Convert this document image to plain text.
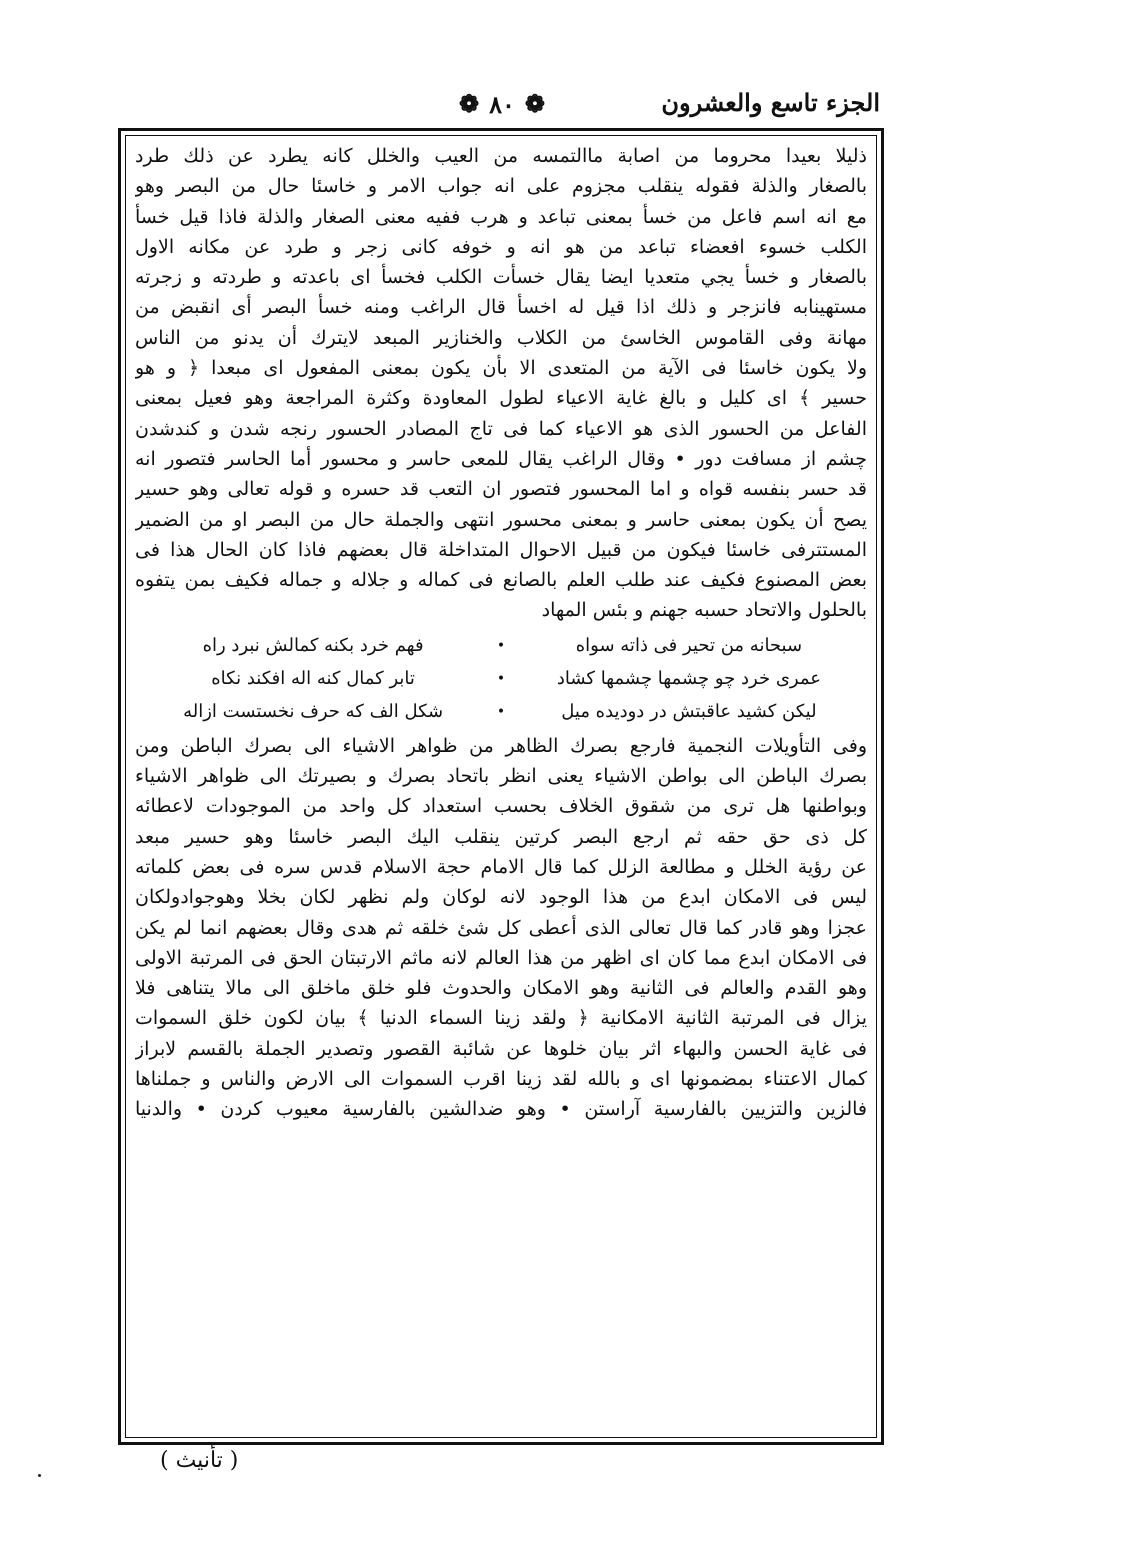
الجزء تاسع والعشرون
❁ ٨٠ ❁
ذليلا بعيدا محروما من اصابة ماالتمسه من العيب والخلل كانه يطرد عن ذلك طرد
بالصغار والذلة فقوله ينقلب مجزوم على انه جواب الامر و خاسئا حال من البصر وهو
مع انه اسم فاعل من خسأ بمعنى تباعد و هرب ففيه معنى الصغار والذلة فاذا قيل خسأ
الكلب خسوء افعضاء تباعد من هو انه و خوفه كانى زجر و طرد عن مكانه الاول
بالصغار و خسأ يجي متعديا ايضا يقال خسأت الكلب فخسأ اى باعدته و طردته و زجرته
مستهينابه فانزجر و ذلك اذا قيل له اخسأ قال الراغب ومنه خسأ البصر أى انقبض من
مهانة وفى القاموس الخاسئ من الكلاب والخنازير المبعد لايترك أن يدنو من الناس
ولا يكون خاسئا فى الآية من المتعدى الا بأن يكون بمعنى المفعول اى مبعدا ﴿ و هو
حسير ﴾ اى كليل و بالغ غاية الاعياء لطول المعاودة وكثرة المراجعة وهو فعيل بمعنى
الفاعل من الحسور الذى هو الاعياء كما فى تاج المصادر الحسور رنجه شدن و كندشدن
چشم از مسافت دور • وقال الراغب يقال للمعى حاسر و محسور أما الحاسر فتصور انه
قد حسر بنفسه قواه و اما المحسور فتصور ان التعب قد حسره و قوله تعالى وهو حسير
يصح أن يكون بمعنى حاسر و بمعنى محسور انتهى والجملة حال من البصر او من الضمير
المستترفى خاسئا فيكون من قبيل الاحوال المتداخلة قال بعضهم فاذا كان الحال هذا فى
بعض المصنوع فكيف عند طلب العلم بالصانع فى كماله و جلاله و جماله فكيف بمن يتفوه
بالحلول والاتحاد حسبه جهنم و بئس المهاد
سبحانه من تحير فى ذاته سواه
•
فهم خرد بكنه كمالش نبرد راه
عمرى خرد چو چشمها چشمها كشاد
•
تابر كمال كنه اله افكند نكاه
ليكن كشيد عاقبتش در دوديده ميل
•
شكل الف كه حرف نخستست ازاله
وفى التأويلات النجمية فارجع بصرك الظاهر من ظواهر الاشياء الى بصرك الباطن ومن
بصرك الباطن الى بواطن الاشياء يعنى انظر باتحاد بصرك و بصيرتك الى ظواهر الاشياء
وبواطنها هل ترى من شقوق الخلاف بحسب استعداد كل واحد من الموجودات لاعطائه
كل ذى حق حقه ثم ارجع البصر كرتين ينقلب اليك البصر خاسئا وهو حسير مبعد
عن رؤية الخلل و مطالعة الزلل كما قال الامام حجة الاسلام قدس سره فى بعض كلماته
ليس فى الامكان ابدع من هذا الوجود لانه لوكان ولم نظهر لكان بخلا وهوجوادولكان
عجزا وهو قادر كما قال تعالى الذى أعطى كل شئ خلقه ثم هدى وقال بعضهم انما لم يكن
فى الامكان ابدع مما كان اى اظهر من هذا العالم لانه ماثم الارتبتان الحق فى المرتبة الاولى
وهو القدم والعالم فى الثانية وهو الامكان والحدوث فلو خلق ماخلق الى مالا يتناهى فلا
يزال فى المرتبة الثانية الامكانية ﴿ ولقد زينا السماء الدنيا ﴾ بيان لكون خلق السموات
فى غاية الحسن والبهاء اثر بيان خلوها عن شائبة القصور وتصدير الجملة بالقسم لابراز
كمال الاعتناء بمضمونها اى و بالله لقد زينا اقرب السموات الى الارض والناس و جملناها
فالزين والتزيين بالفارسية آراستن • وهو ضدالشين بالفارسية معيوب كردن • والدنيا
( تأنيث )
